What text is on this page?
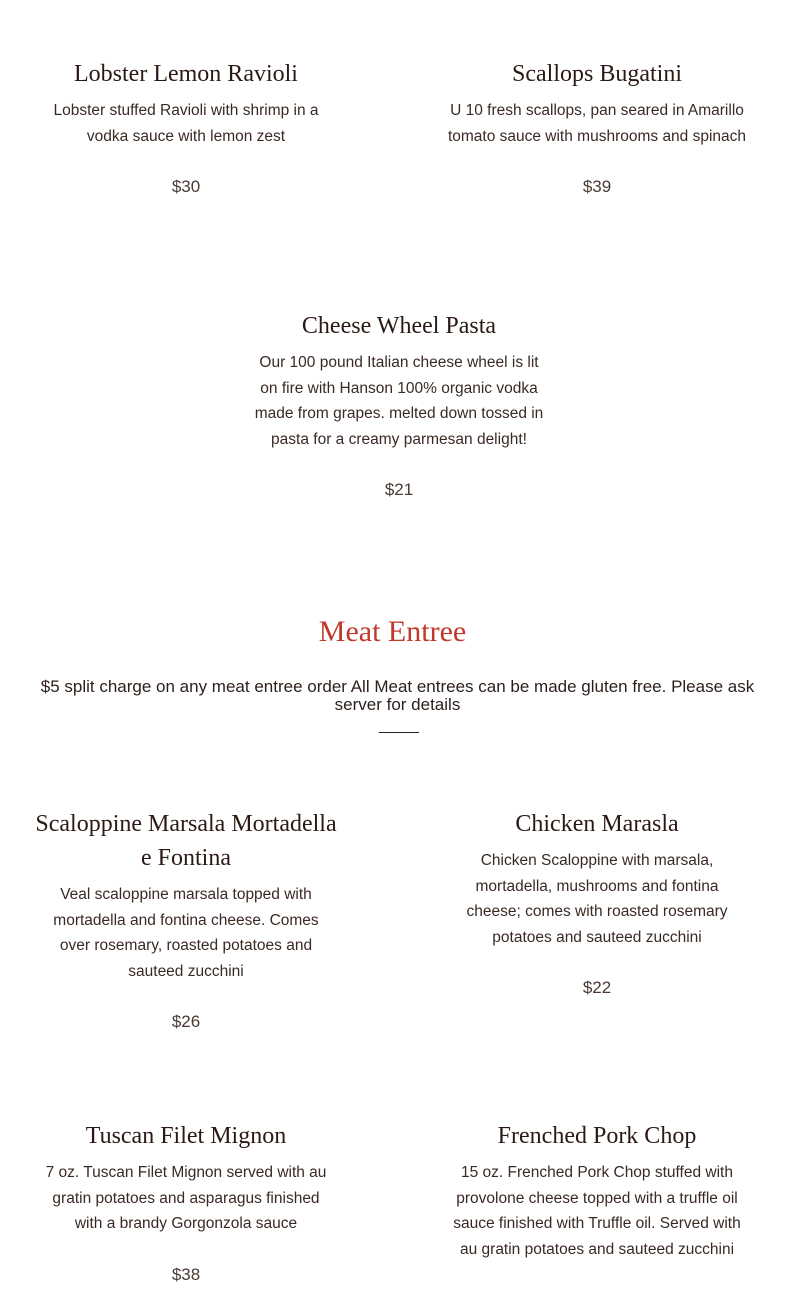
Lobster Lemon Ravioli

Lobster stuffed Ravioli with shrimp in a vodka sauce with lemon zest

$30

Scallops Bugatini

U 10 fresh scallops, pan seared in Amarillo tomato sauce with mushrooms and spinach

$39

Cheese Wheel Pasta

Our 100 pound Italian cheese wheel is lit on fire with Hanson 100% organic vodka made from grapes. melted down tossed in pasta for a creamy parmesan delight!

$21

Meat Entree

$5 split charge on any meat entree order All Meat entrees can be made gluten free. Please ask server for details

Scaloppine Marsala Mortadella e Fontina

Veal scaloppine marsala topped with mortadella and fontina cheese. Comes over rosemary, roasted potatoes and sauteed zucchini

$26

Chicken Marasla

Chicken Scaloppine with marsala, mortadella, mushrooms and fontina cheese; comes with roasted rosemary potatoes and sauteed zucchini

$22

Tuscan Filet Mignon

7 oz. Tuscan Filet Mignon served with au gratin potatoes and asparagus finished with a brandy Gorgonzola sauce

$38

Frenched Pork Chop

15 oz. Frenched Pork Chop stuffed with provolone cheese topped with a truffle oil sauce finished with Truffle oil. Served with au gratin potatoes and sauteed zucchini
